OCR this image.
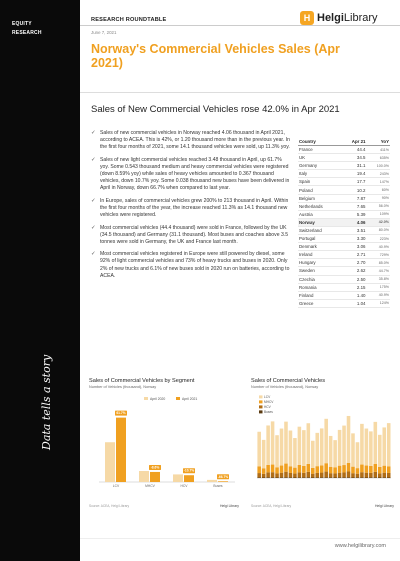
EQUITY
RESEARCH
Data tells a story
RESEARCH ROUNDTABLE
June 7, 2021
H HelgiLibrary
Norway's Commercial Vehicles Sales (Apr 2021)
Sales of New Commercial Vehicles rose 42.0% in Apr 2021
✓ Sales of new commercial vehicles in Norway reached 4.06 thousand in April 2021, according to ACEA. This is 42%, or 1.20 thousand more than in the previous year. In the first four months of 2021, some 14.1 thousand vehicles were sold, up 11.3% yoy.
✓ Sales of new light commercial vehicles reached 3.48 thousand in April, up 61.7% yoy. Some 0.543 thousand medium and heavy commercial vehicles were registered (down 8.59% yoy) while sales of heavy vehicles amounted to 0.367 thousand vehicles, down 10.7% yoy. Some 0.038 thousand new buses have been delivered in April in Norway, down 66.7% when compared to last year.
✓ In Europe, sales of commercial vehicles grew 200% to 213 thousand in April. Within the first four months of the year, the increase reached 11.3% as 14.1 thousand new vehicles were registered.
✓ Most commercial vehicles (44.4 thousand) were sold in France, followed by the UK (34.5 thousand) and Germany (31.1 thousand). Most buses and coaches above 3.5 tonnes were sold in Germany, the UK and France last month.
✓ Most commercial vehicles registered in Europe were still powered by diesel, some 92% of light commercial vehicles and 73% of heavy trucks and buses in 2020. Only 2% of new trucks and 6.1% of new buses sold in 2020 run on batteries, according to ACEA.
Country	Apr 21	YoY
France	44.4	411%
UK	34.5	635%
Germany	31.1	100.0%
Italy	19.4	243%
Spain	17.7	147%
Poland	10.2	60%
Belgium	7.87	90%
Netherlands	7.65	56.0%
Austria	5.39	109%
Norway	4.06	42.0%
Switzerland	3.51	80.0%
Portugal	3.30	223%
Denmark	3.06	40.9%
Ireland	2.71	729%
Hungary	2.70	85.0%
Sweden	2.62	44.7%
Czechia	2.50	35.8%
Romania	2.15	175%
Finland	1.40	40.9%
Greece	1.04	124%
Sales of Commercial Vehicles by Segment
Number of Vehicles (thousand), Norway
April 2020	April 2021
61.7%
LCV
-8.6%
MHCV
-10.7%
HCV
-66.7%
Buses
Source: ACEA, Helgi Library	Helgi Library
Sales of Commercial Vehicles
Number of Vehicles (thousand), Norway
LCV
MHCV
HCV
Buses
Source: ACEA, Helgi Library	Helgi Library
www.helgilibrary.com
